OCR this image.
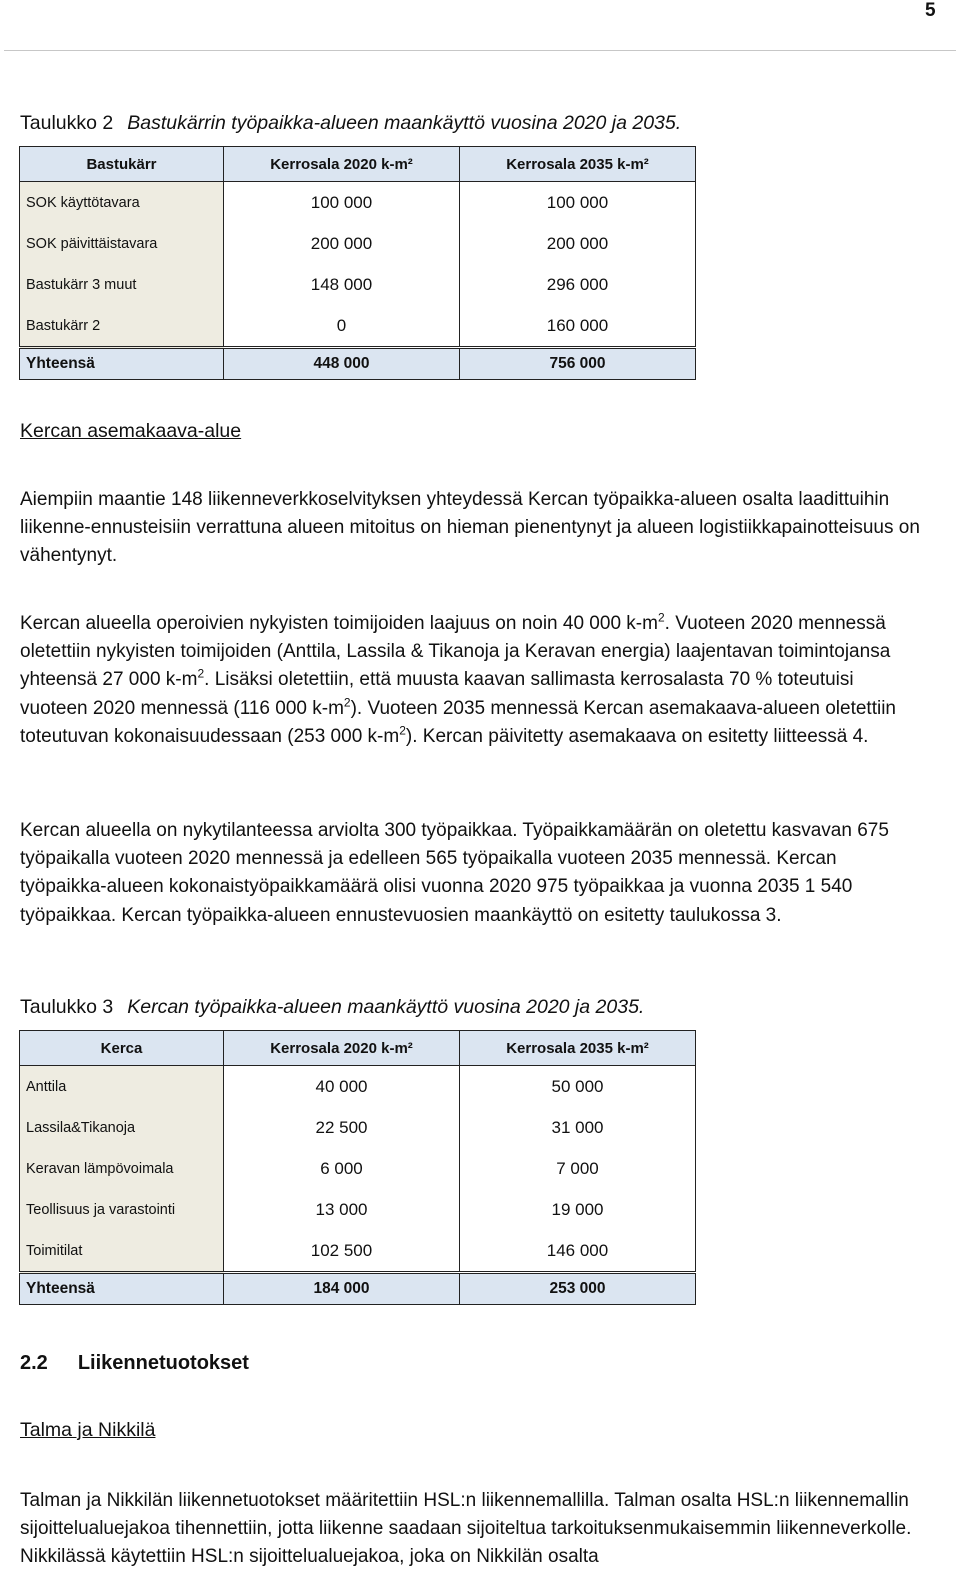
5
Taulukko 2 Bastukärrin työpaikka-alueen maankäyttö vuosina 2020 ja 2035.
Bastukärr	Kerrosala 2020 k-m²	Kerrosala 2035 k-m²
SOK käyttötavara	100 000	100 000
SOK päivittäistavara	200 000	200 000
Bastukärr 3 muut	148 000	296 000
Bastukärr 2	0	160 000
Yhteensä	448 000	756 000
Kercan asemakaava-alue
Aiempiin maantie 148 liikenneverkkoselvityksen yhteydessä Kercan työpaikka-alueen osalta laadittuihin liikenne-ennusteisiin verrattuna alueen mitoitus on hieman pienentynyt ja alueen logistiikkapainotteisuus on vähentynyt.
Kercan alueella operoivien nykyisten toimijoiden laajuus on noin 40 000 $k-m^2$. Vuoteen 2020 mennessä oletettiin nykyisten toimijoiden (Anttila, Lassila & Tikanoja ja Keravan energia) laajentavan toimintojansa yhteensä 27 000 $k-m^2$. Lisäksi oletettiin, että muusta kaavan sallimasta kerrosalasta 70 % toteutuisi vuoteen 2020 mennessä (116 000 $k-m^2$). Vuoteen 2035 mennessä Kercan asemakaava-alueen oletettiin toteutuvan kokonaisuudessaan (253 000 $k-m^2$). Kercan päivitetty asemakaava on esitetty liitteessä 4.
Kercan alueella on nykytilanteessa arviolta 300 työpaikkaa. Työpaikkamäärän on oletettu kasvavan 675 työpaikalla vuoteen 2020 mennessä ja edelleen 565 työpaikalla vuoteen 2035 mennessä. Kercan työpaikka-alueen kokonaistyöpaikkamäärä olisi vuonna 2020 975 työpaikkaa ja vuonna 2035 1 540 työpaikkaa. Kercan työpaikka-alueen ennustevuosien maankäyttö on esitetty taulukossa 3.
Taulukko 3 Kercan työpaikka-alueen maankäyttö vuosina 2020 ja 2035.
Kerca	Kerrosala 2020 k-m²	Kerrosala 2035 k-m²
Anttila	40 000	50 000
Lassila&Tikanoja	22 500	31 000
Keravan lämpövoimala	6 000	7 000
Teollisuus ja varastointi	13 000	19 000
Toimitilat	102 500	146 000
Yhteensä	184 000	253 000
2.2 Liikennetuotokset
Talma ja Nikkilä
Talman ja Nikkilän liikennetuotokset määritettiin HSL:n liikennemallilla. Talman osalta HSL:n liikennemallin sijoittelualuejakoa tihennettiin, jotta liikenne saadaan sijoiteltua tarkoituksenmukaisemmin liikenneverkolle. Nikkilässä käytettiin HSL:n sijoittelualuejakoa, joka on Nikkilän osalta
